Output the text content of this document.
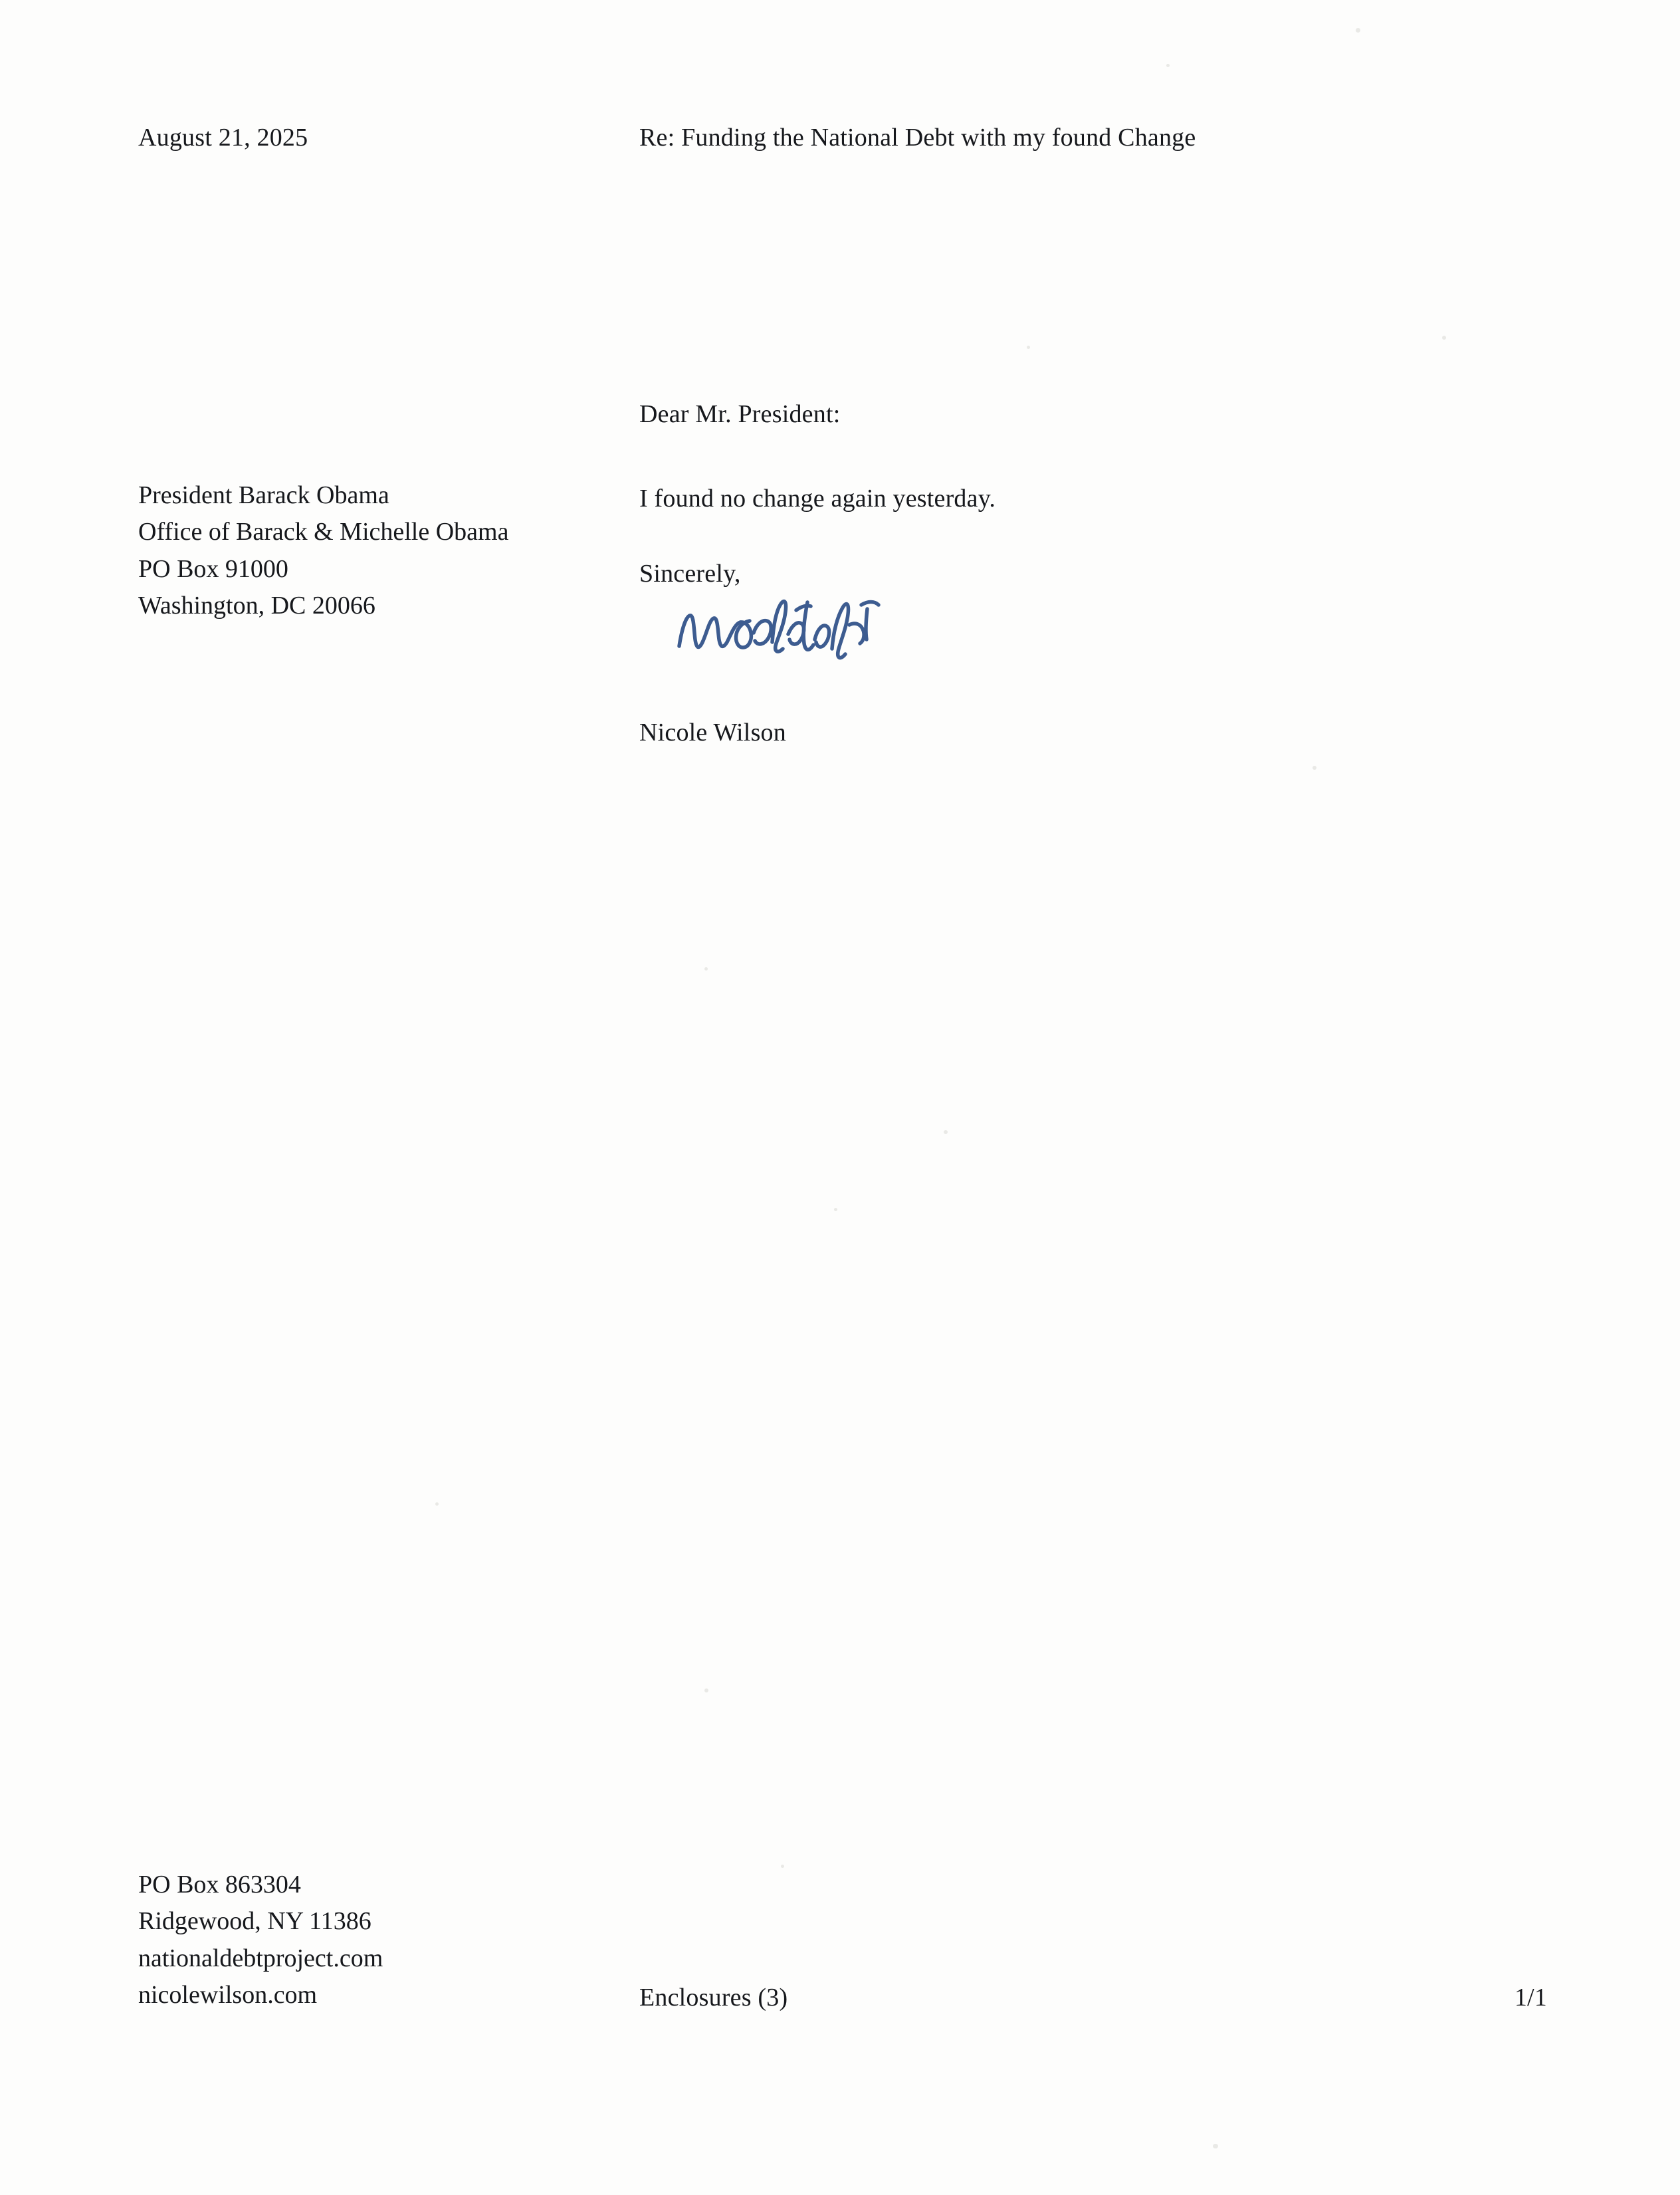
August 21, 2025	Re: Funding the National Debt with my found Change
Dear Mr. President:
President Barack Obama
Office of Barack & Michelle Obama
PO Box 91000
Washington, DC 20066
I found no change again yesterday.
Sincerely,
Nicole Wilson
PO Box 863304
Ridgewood, NY 11386
nationaldebtproject.com
nicolewilson.com	Enclosures (3)	1/1
